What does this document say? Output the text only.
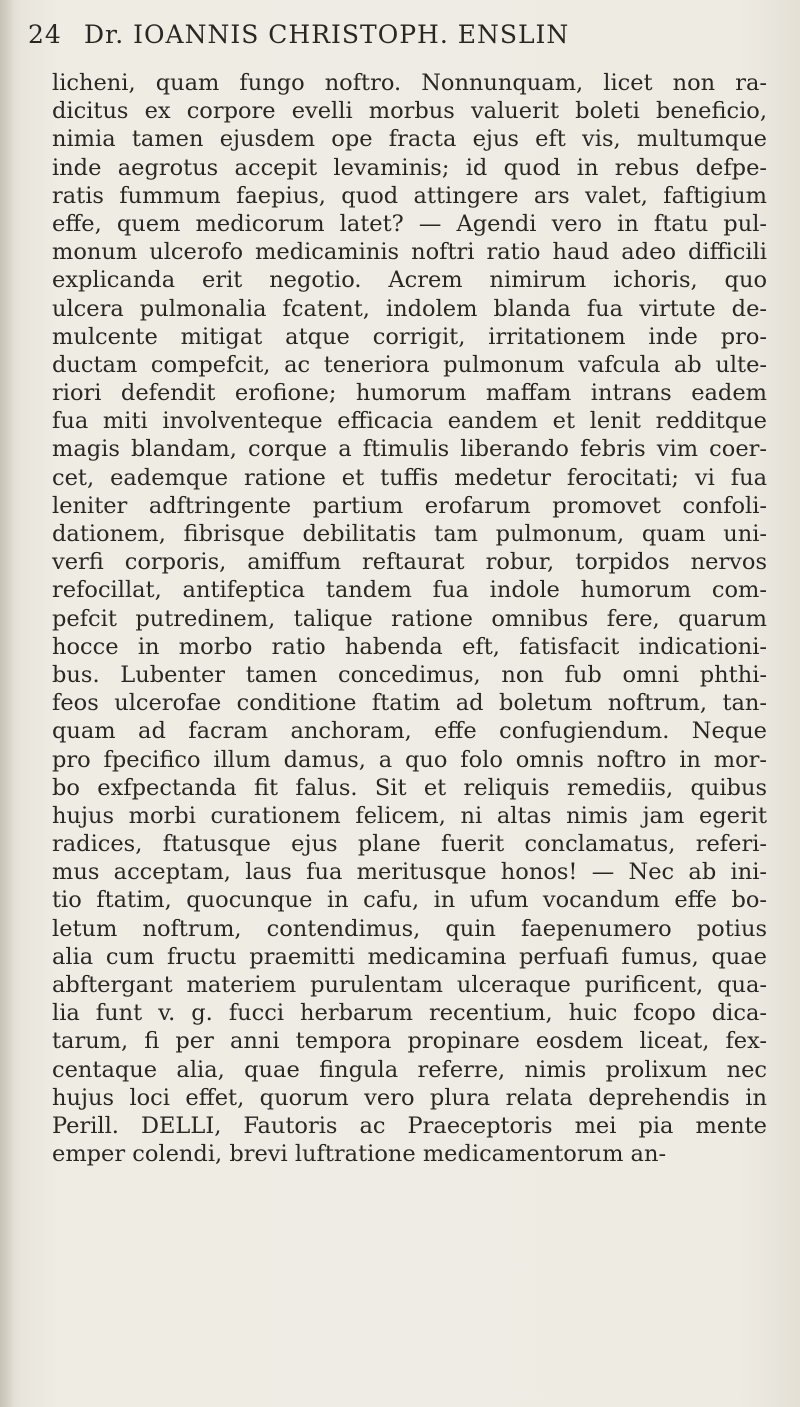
24 Dr. IOANNIS CHRISTOPH. ENSLIN
licheni, quam fungo noftro. Nonnunquam, licet non ra-
dicitus ex corpore evelli morbus valuerit boleti beneficio,
nimia tamen ejusdem ope fracta ejus eft vis, multumque
inde aegrotus accepit levaminis; id quod in rebus defpe-
ratis fummum faepius, quod attingere ars valet, faftigium
effe, quem medicorum latet? — Agendi vero in ftatu pul-
monum ulcerofo medicaminis noftri ratio haud adeo difficili
explicanda erit negotio. Acrem nimirum ichoris, quo
ulcera pulmonalia fcatent, indolem blanda fua virtute de-
mulcente mitigat atque corrigit, irritationem inde pro-
ductam compefcit, ac teneriora pulmonum vafcula ab ulte-
riori defendit erofione; humorum maffam intrans eadem
fua miti involventeque efficacia eandem et lenit redditque
magis blandam, corque a ftimulis liberando febris vim coer-
cet, eademque ratione et tuffis medetur ferocitati; vi fua
leniter adftringente partium erofarum promovet confoli-
dationem, fibrisque debilitatis tam pulmonum, quam uni-
verfi corporis, amiffum reftaurat robur, torpidos nervos
refocillat, antifeptica tandem fua indole humorum com-
pefcit putredinem, talique ratione omnibus fere, quarum
hocce in morbo ratio habenda eft, fatisfacit indicationi-
bus. Lubenter tamen concedimus, non fub omni phthi-
feos ulcerofae conditione ftatim ad boletum noftrum, tan-
quam ad facram anchoram, effe confugiendum. Neque
pro fpecifico illum damus, a quo folo omnis noftro in mor-
bo exfpectanda fit falus. Sit et reliquis remediis, quibus
hujus morbi curationem felicem, ni altas nimis jam egerit
radices, ftatusque ejus plane fuerit conclamatus, referi-
mus acceptam, laus fua meritusque honos! — Nec ab ini-
tio ftatim, quocunque in cafu, in ufum vocandum effe bo-
letum noftrum, contendimus, quin faepenumero potius
alia cum fructu praemitti medicamina perfuafi fumus, quae
abftergant materiem purulentam ulceraque purificent, qua-
lia funt v. g. fucci herbarum recentium, huic fcopo dica-
tarum, fi per anni tempora propinare eosdem liceat, fex-
centaque alia, quae fingula referre, nimis prolixum nec
hujus loci effet, quorum vero plura relata deprehendis in
Perill. DELLI, Fautoris ac Praeceptoris mei pia mente
emper colendi, brevi luftratione medicamentorum an-
